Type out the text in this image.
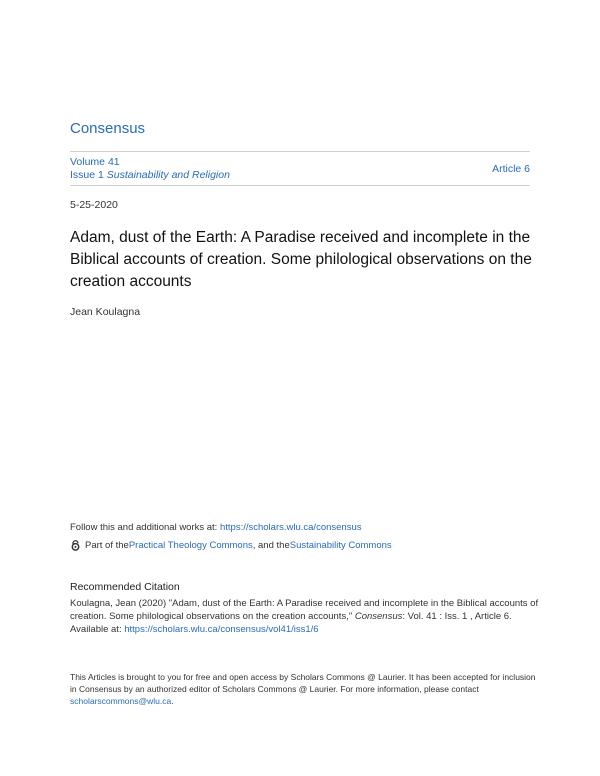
Consensus
Volume 41
Issue 1 Sustainability and Religion	Article 6
5-25-2020
Adam, dust of the Earth: A Paradise received and incomplete in the Biblical accounts of creation. Some philological observations on the creation accounts
Jean Koulagna
Follow this and additional works at: https://scholars.wlu.ca/consensus
Part of the Practical Theology Commons , and the Sustainability Commons
Recommended Citation
Koulagna, Jean (2020) "Adam, dust of the Earth: A Paradise received and incomplete in the Biblical accounts of creation. Some philological observations on the creation accounts," Consensus: Vol. 41 : Iss. 1 , Article 6.
Available at: https://scholars.wlu.ca/consensus/vol41/iss1/6
This Articles is brought to you for free and open access by Scholars Commons @ Laurier. It has been accepted for inclusion in Consensus by an authorized editor of Scholars Commons @ Laurier. For more information, please contact scholarscommons@wlu.ca.
